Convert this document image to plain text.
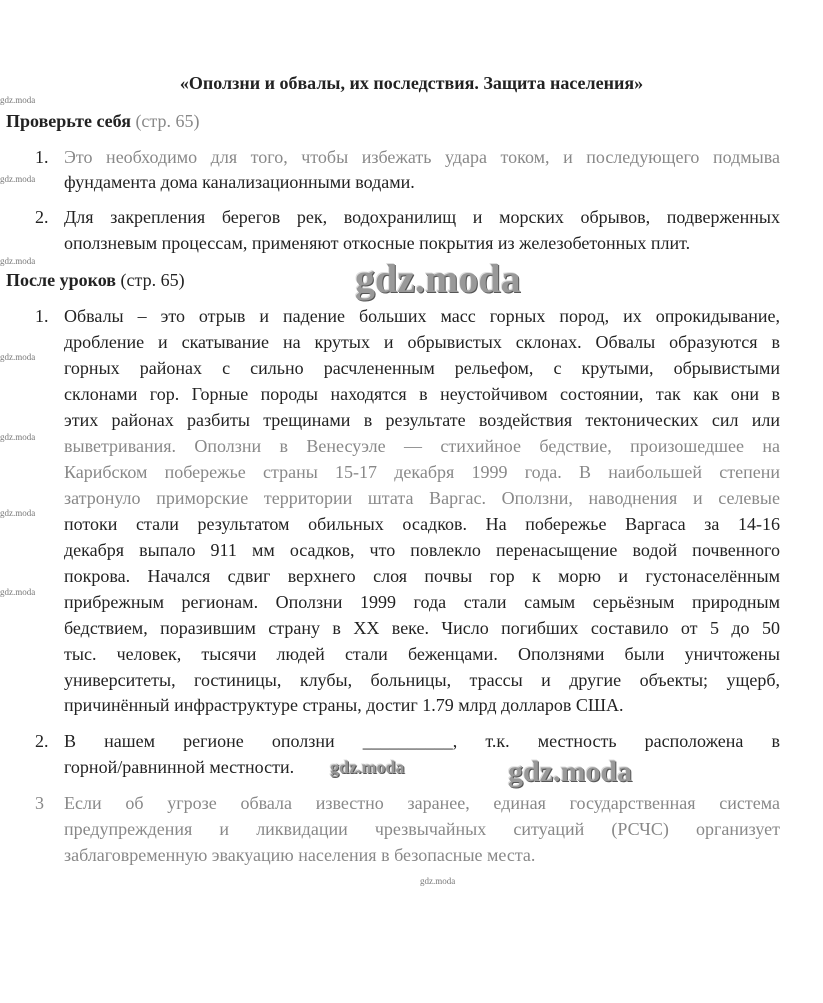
«Оползни и обвалы, их последствия. Защита населения»
Проверьте себя (стр. 65)
1. Это необходимо для того, чтобы избежать удара током, и последующего подмыва
фундамента дома канализационными водами.
2. Для закрепления берегов рек, водохранилищ и морских обрывов, подверженных
оползневым процессам, применяют откосные покрытия из железобетонных плит.
После уроков (стр. 65)
1. Обвалы – это отрыв и падение больших масс горных пород, их опрокидывание,
дробление и скатывание на крутых и обрывистых склонах. Обвалы образуются в
горных районах с сильно расчлененным рельефом, с крутыми, обрывистыми
склонами гор. Горные породы находятся в неустойчивом состоянии, так как они в
этих районах разбиты трещинами в результате воздействия тектонических сил или
выветривания. Оползни в Венесуэле — стихийное бедствие, произошедшее на
Карибском побережье страны 15-17 декабря 1999 года. В наибольшей степени
затронуло приморские территории штата Варгас. Оползни, наводнения и селевые
потоки стали результатом обильных осадков. На побережье Варгаса за 14-16
декабря выпало 911 мм осадков, что повлекло перенасыщение водой почвенного
покрова. Начался сдвиг верхнего слоя почвы гор к морю и густонаселённым
прибрежным регионам. Оползни 1999 года стали самым серьёзным природным
бедствием, поразившим страну в XX веке. Число погибших составило от 5 до 50
тыс. человек, тысячи людей стали беженцами. Оползнями были уничтожены
университеты, гостиницы, клубы, больницы, трассы и другие объекты; ущерб,
причинённый инфраструктуре страны, достиг 1.79 млрд долларов США.
2. В нашем регионе оползни __________, т.к. местность расположена в
горной/равнинной местности.
3 Если об угрозе обвала известно заранее, единая государственная система
предупреждения и ликвидации чрезвычайных ситуаций (РСЧС) организует
заблаговременную эвакуацию населения в безопасные места.
gdz.moda
gdz.moda
gdz.moda
gdz.moda
gdz.moda
gdz.moda
gdz.moda
gdz.moda
gdz.moda
gdz.moda	gdz.moda
